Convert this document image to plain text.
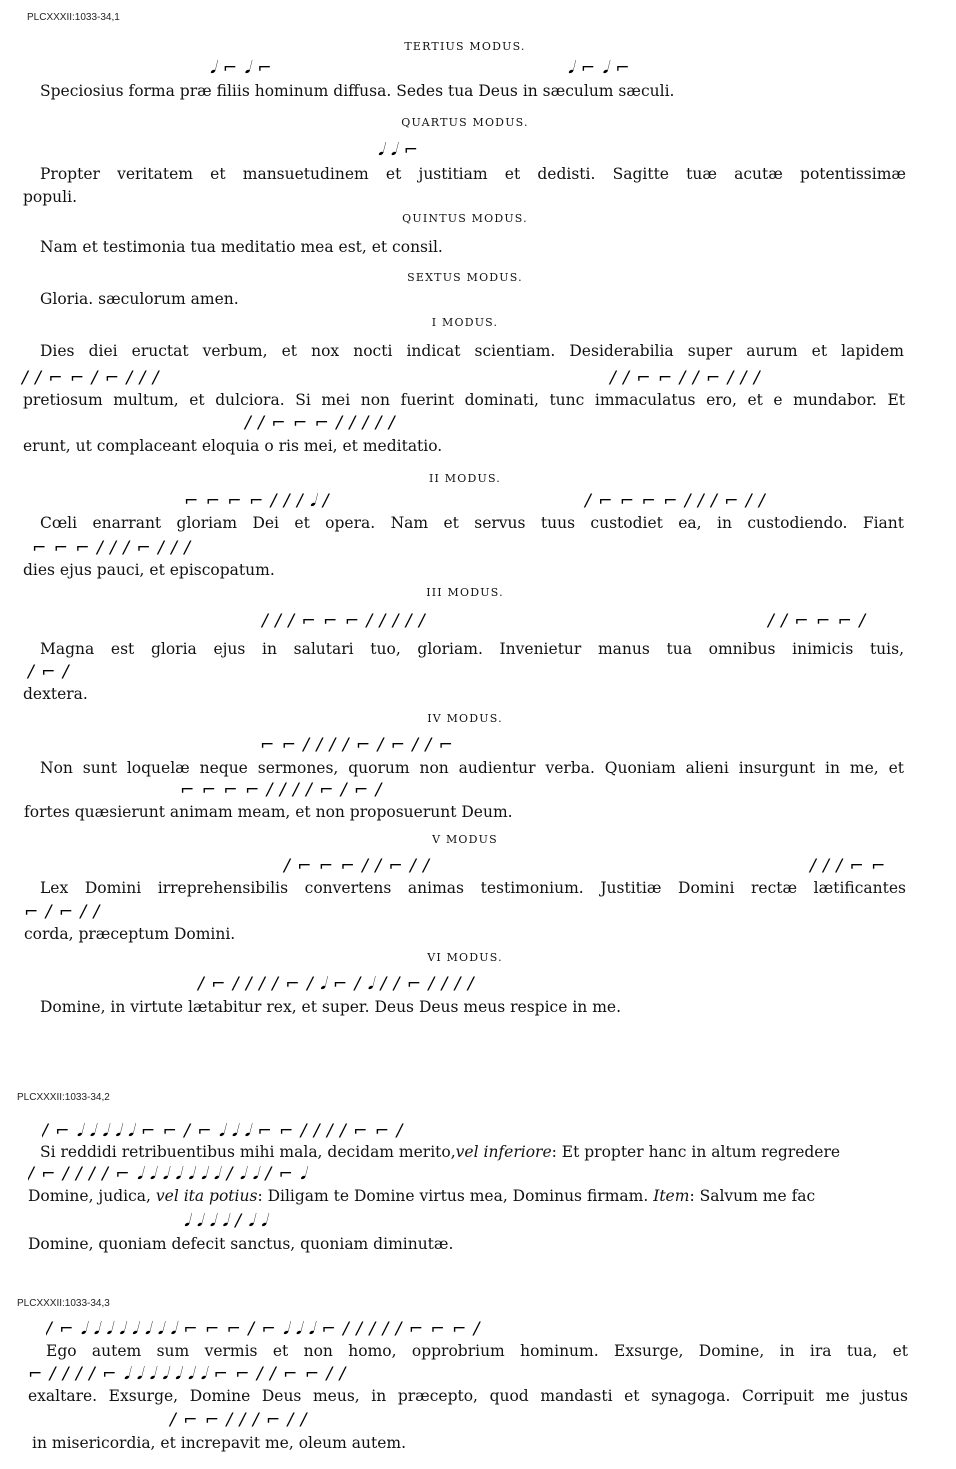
PLCXXXII:1033-34,1
TERTIUS MODUS.
𝅘𝅥 ⌐ 𝅘𝅥 ⌐	𝅘𝅥 ⌐ 𝅘𝅥 ⌐
Speciosius forma præ filiis hominum diffusa. Sedes tua Deus in sæculum sæculi.
QUARTUS MODUS.
𝅘𝅥 𝅘𝅥 ⌐
Propter veritatem et mansuetudinem et justitiam et dedisti. Sagitte tuæ acutæ potentissimæ
populi.
QUINTUS MODUS.
Nam et testimonia tua meditatio mea est, et consil.
SEXTUS MODUS.
Gloria. sæculorum amen.
I MODUS.
Dies diei eructat verbum, et nox nocti indicat scientiam. Desiderabilia super aurum et lapidem
/ / ⌐ ⌐ / ⌐ / / /	/ / ⌐ ⌐ / / ⌐ / / /
pretiosum multum, et dulciora. Si mei non fuerint dominati, tunc immaculatus ero, et e mundabor. Et
/ / ⌐ ⌐ ⌐ / / / / /
erunt, ut complaceant eloquia o ris mei, et meditatio.
II MODUS.
⌐ ⌐ ⌐ ⌐ / / / 𝅘𝅥 /	/ ⌐ ⌐ ⌐ ⌐ / / / ⌐ / /
Cœli enarrant gloriam Dei et opera. Nam et servus tuus custodiet ea, in custodiendo. Fiant
⌐ ⌐ ⌐ / / / ⌐ / / /
dies ejus pauci, et episcopatum.
III MODUS.
/ / / ⌐ ⌐ ⌐ / / / / /	/ / ⌐ ⌐ ⌐ /
Magna est gloria ejus in salutari tuo, gloriam. Invenietur manus tua omnibus inimicis tuis,
/ ⌐ /
dextera.
IV MODUS.
⌐ ⌐ / / / / ⌐ / ⌐ / / ⌐
Non sunt loquelæ neque sermones, quorum non audientur verba. Quoniam alieni insurgunt in me, et
⌐ ⌐ ⌐ ⌐ / / / / ⌐ / ⌐ /
fortes quæsierunt animam meam, et non proposuerunt Deum.
V MODUS
/ ⌐ ⌐ ⌐ / / ⌐ / /	/ / / ⌐ ⌐
Lex Domini irreprehensibilis convertens animas testimonium. Justitiæ Domini rectæ lætificantes
⌐ / ⌐ / /
corda, præceptum Domini.
VI MODUS.
/ ⌐ / / / / ⌐ / 𝅘𝅥 ⌐ / 𝅘𝅥 / / ⌐ / / / /
Domine, in virtute lætabitur rex, et super. Deus Deus meus respice in me.
PLCXXXII:1033-34,2
/ ⌐ 𝅘𝅥 𝅘𝅥 𝅘𝅥 𝅘𝅥 𝅘𝅥 ⌐ ⌐ / ⌐ 𝅘𝅥 𝅘𝅥 𝅘𝅥 ⌐ ⌐ / / / / ⌐ ⌐ /
Si reddidi retribuentibus mihi mala, decidam merito,vel inferiore: Et propter hanc in altum regredere
/ ⌐ / / / / ⌐ 𝅘𝅥 𝅘𝅥 𝅘𝅥 𝅘𝅥 𝅘𝅥 𝅘𝅥 𝅘𝅥 / 𝅘𝅥 𝅘𝅥 / ⌐ 𝅘𝅥
Domine, judica, vel ita potius: Diligam te Domine virtus mea, Dominus firmam. Item: Salvum me fac
𝅘𝅥 𝅘𝅥 𝅘𝅥 𝅘𝅥 / 𝅘𝅥 𝅘𝅥
Domine, quoniam defecit sanctus, quoniam diminutæ.
PLCXXXII:1033-34,3
/ ⌐ 𝅘𝅥 𝅘𝅥 𝅘𝅥 𝅘𝅥 𝅘𝅥 𝅘𝅥 𝅘𝅥 𝅘𝅥 ⌐ ⌐ ⌐ / ⌐ 𝅘𝅥 𝅘𝅥 𝅘𝅥 ⌐ / / / / / ⌐ ⌐ ⌐ /
Ego autem sum vermis et non homo, opprobrium hominum. Exsurge, Domine, in ira tua, et
⌐ / / / / ⌐ 𝅘𝅥 𝅘𝅥 𝅘𝅥 𝅘𝅥 𝅘𝅥 𝅘𝅥 𝅘𝅥 ⌐ ⌐ / / ⌐ ⌐ / /
exaltare. Exsurge, Domine Deus meus, in præcepto, quod mandasti et synagoga. Corripuit me justus
/ ⌐ ⌐ / / / ⌐ / /
in misericordia, et increpavit me, oleum autem.
